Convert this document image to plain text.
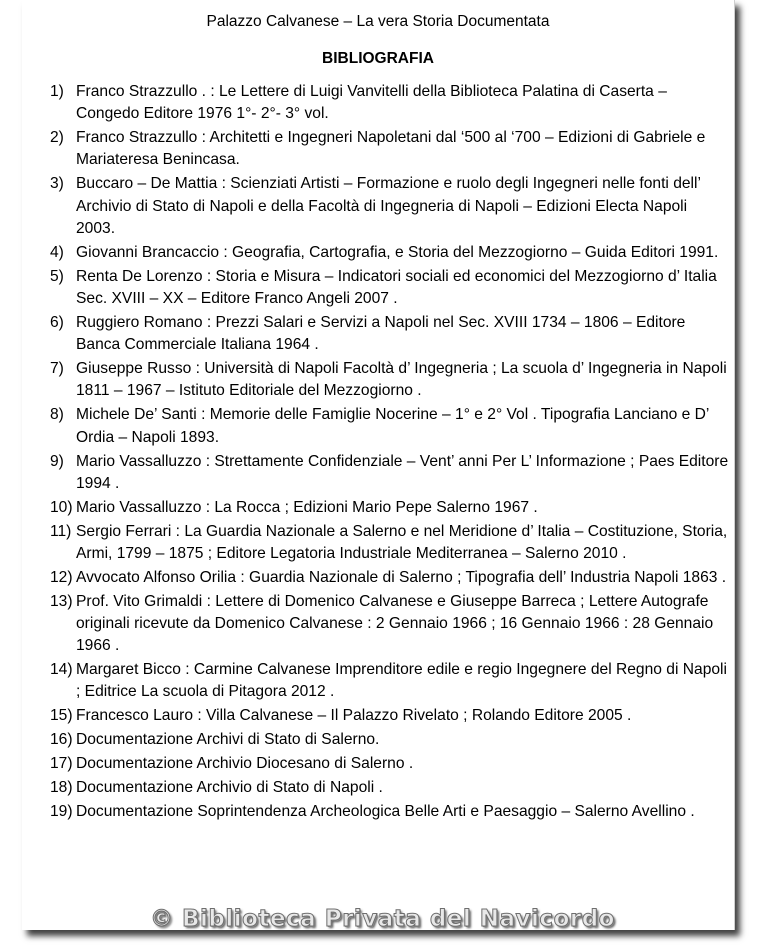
Palazzo Calvanese – La vera Storia Documentata
BIBLIOGRAFIA
1) Franco Strazzullo . : Le Lettere di Luigi Vanvitelli della Biblioteca Palatina di Caserta – Congedo Editore 1976 1°- 2°- 3° vol.
2) Franco Strazzullo : Architetti e Ingegneri Napoletani dal ‘500 al ‘700 – Edizioni di Gabriele e Mariateresa Benincasa.
3) Buccaro – De Mattia : Scienziati Artisti – Formazione e ruolo degli Ingegneri nelle fonti dell’ Archivio di Stato di Napoli e della Facoltà di Ingegneria di Napoli – Edizioni Electa Napoli 2003.
4) Giovanni Brancaccio : Geografia, Cartografia, e Storia del Mezzogiorno – Guida Editori 1991.
5) Renta De Lorenzo : Storia e Misura – Indicatori sociali ed economici del Mezzogiorno d’ Italia Sec. XVIII – XX – Editore Franco Angeli 2007 .
6) Ruggiero Romano : Prezzi Salari e Servizi a Napoli nel Sec. XVIII 1734 – 1806 – Editore Banca Commerciale Italiana 1964 .
7) Giuseppe Russo : Università di Napoli Facoltà d’ Ingegneria ; La scuola d’ Ingegneria in Napoli 1811 – 1967 – Istituto Editoriale del Mezzogiorno .
8) Michele De’ Santi : Memorie delle Famiglie Nocerine – 1° e 2° Vol . Tipografia Lanciano e D’ Ordia – Napoli 1893.
9) Mario Vassalluzzo : Strettamente Confidenziale – Vent’ anni Per L’ Informazione ; Paes Editore 1994 .
10) Mario Vassalluzzo : La Rocca ; Edizioni Mario Pepe Salerno 1967 .
11) Sergio Ferrari : La Guardia Nazionale a Salerno e nel Meridione d’ Italia – Costituzione, Storia, Armi, 1799 – 1875 ; Editore Legatoria Industriale Mediterranea – Salerno 2010 .
12) Avvocato Alfonso Orilia : Guardia Nazionale di Salerno ; Tipografia dell’ Industria Napoli 1863 .
13) Prof. Vito Grimaldi : Lettere di Domenico Calvanese e Giuseppe Barreca ; Lettere Autografe originali ricevute da Domenico Calvanese : 2 Gennaio 1966 ; 16 Gennaio 1966 : 28 Gennaio 1966 .
14) Margaret Bicco : Carmine Calvanese Imprenditore edile e regio Ingegnere del Regno di Napoli ; Editrice La scuola di Pitagora 2012 .
15) Francesco Lauro : Villa Calvanese – Il Palazzo Rivelato ; Rolando Editore 2005 .
16) Documentazione Archivi di Stato di Salerno.
17) Documentazione Archivio Diocesano di Salerno .
18) Documentazione Archivio di Stato di Napoli .
19) Documentazione Soprintendenza Archeologica Belle Arti e Paesaggio – Salerno Avellino .
© Biblioteca Privata del Navicordo
